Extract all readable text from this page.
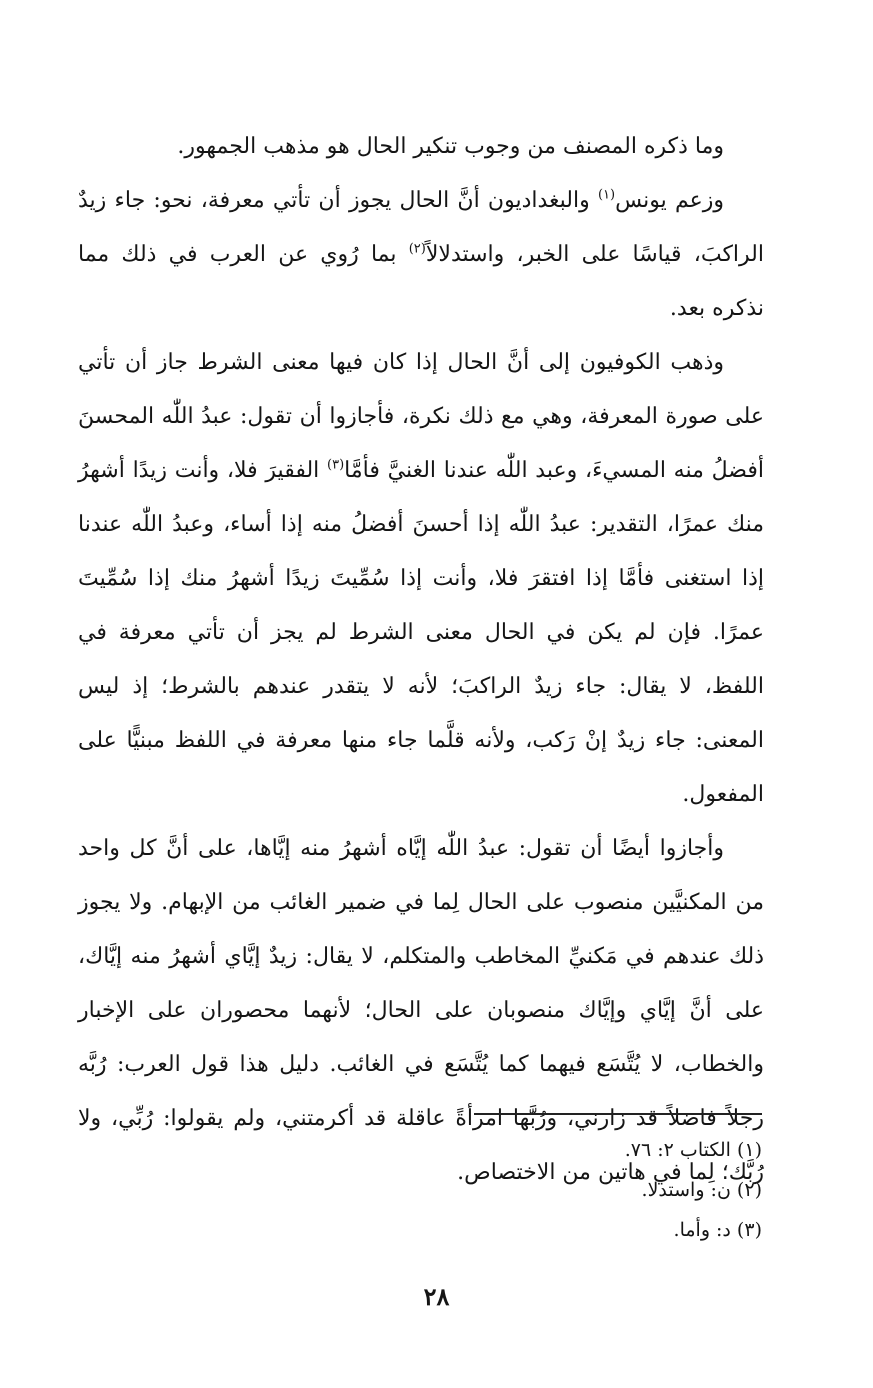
وما ذكره المصنف من وجوب تنكير الحال هو مذهب الجمهور.

وزعم يونس$^{(١)}$ والبغداديون أنَّ الحال يجوز أن تأتي معرفة، نحو: جاء زيدٌ الراكبَ، قياسًا على الخبر، واستدلالاً$^{(٢)}$ بما رُوي عن العرب في ذلك مما نذكره بعد.

وذهب الكوفيون إلى أنَّ الحال إذا كان فيها معنى الشرط جاز أن تأتي على صورة المعرفة، وهي مع ذلك نكرة، فأجازوا أن تقول: عبدُ اللّٰه المحسنَ أفضلُ منه المسيءَ، وعبد اللّٰه عندنا الغنيَّ فأمَّا$^{(٣)}$ الفقيرَ فلا، وأنت زيدًا أشهرُ منك عمرًا، التقدير: عبدُ اللّٰه إذا أحسنَ أفضلُ منه إذا أساء، وعبدُ اللّٰه عندنا إذا استغنى فأمَّا إذا افتقرَ فلا، وأنت إذا سُمِّيتَ زيدًا أشهرُ منك إذا سُمِّيتَ عمرًا. فإن لم يكن في الحال معنى الشرط لم يجز أن تأتي معرفة في اللفظ، لا يقال: جاء زيدٌ الراكبَ؛ لأنه لا يتقدر عندهم بالشرط؛ إذ ليس المعنى: جاء زيدٌ إنْ رَكب، ولأنه قلَّما جاء منها معرفة في اللفظ مبنيًّا على المفعول.

وأجازوا أيضًا أن تقول: عبدُ اللّٰه إيَّاه أشهرُ منه إيَّاها، على أنَّ كل واحد من المكنيَّين منصوب على الحال لِما في ضمير الغائب من الإبهام. ولا يجوز ذلك عندهم في مَكنيِّ المخاطب والمتكلم، لا يقال: زيدٌ إيَّاي أشهرُ منه إيَّاك، على أنَّ إيَّاي وإيَّاك منصوبان على الحال؛ لأنهما محصوران على الإخبار والخطاب، لا يُتَّسَع فيهما كما يُتَّسَع في الغائب. دليل هذا قول العرب: رُبَّه رجلاً فاضلاً قد زارني، ورُبَّها امرأةً عاقلة قد أكرمتني، ولم يقولوا: رُبِّي، ولا رُبَّك؛ لِما في هاتين من الاختصاص.

(١) الكتاب ٢: ٧٦.
(٢) ن: واستدلا.
(٣) د: وأما.
٢٨
